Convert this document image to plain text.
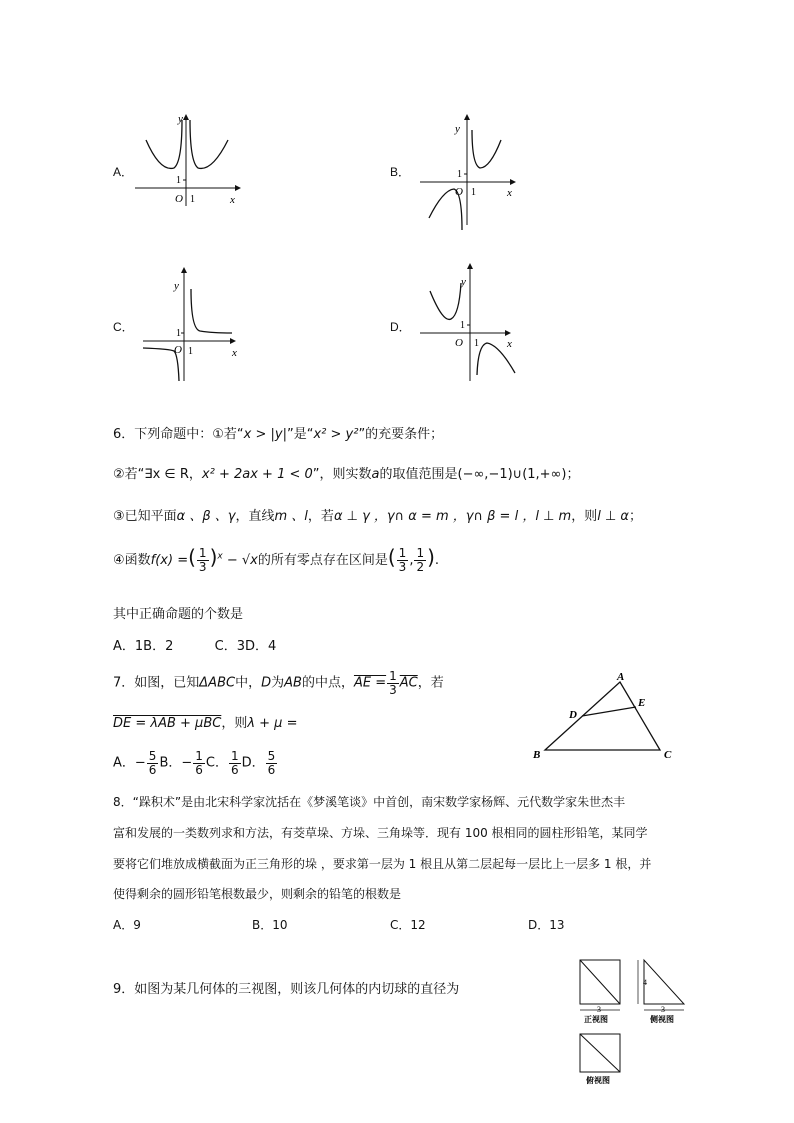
A．
y
x
O
1
1
B．
y
x
O
1
1
C．
y
x
O
1
1
D．
y
x
O
1
1
6．下列命题中：①若“x > |y|”是“x² > y²”的充要条件；
②若“∃x ∈ R，x² + 2ax + 1 < 0”，则实数a的取值范围是(−∞,−1)∪(1,+∞)；
③已知平面α 、β 、γ，直线m 、l，若α ⊥ γ ，γ∩ α = m ，γ∩ β = l ，l ⊥ m，则l ⊥ α；
④函数f(x) =( $\frac{1}{3} )^x - √x$的所有零点存在区间是( $\frac{1}{3}$ , $\frac{1}{2}$ ).
其中正确命题的个数是
A．1B．2          C．3D．4
7．如图，已知ΔABC中，D为AB的中点，AE = $\frac{1}{3} \overline{AC}$，若
DE = λAB + μBC，则λ + μ =
A．− $\frac{5}{6}$ B．− $\frac{1}{6}$ C． $\frac{1}{6}$ D． $\frac{5}{6}$
A
B	C
D
E
8．“跺积术”是由北宋科学家沈括在《梦溪笔谈》中首创，南宋数学家杨辉、元代数学家朱世杰丰
富和发展的一类数列求和方法，有茭草垛、方垛、三角垛等．现有 100 根相同的圆柱形铅笔，某同学
要将它们堆放成横截面为正三角形的垛 ，要求第一层为 1 根且从第二层起每一层比上一层多 1 根，并
使得剩余的圆形铅笔根数最少，则剩余的铅笔的根数是
A．9	B．10	C．12	D．13
9．如图为某几何体的三视图，则该几何体的内切球的直径为
3
正视图
4
3
侧视图
俯视图
